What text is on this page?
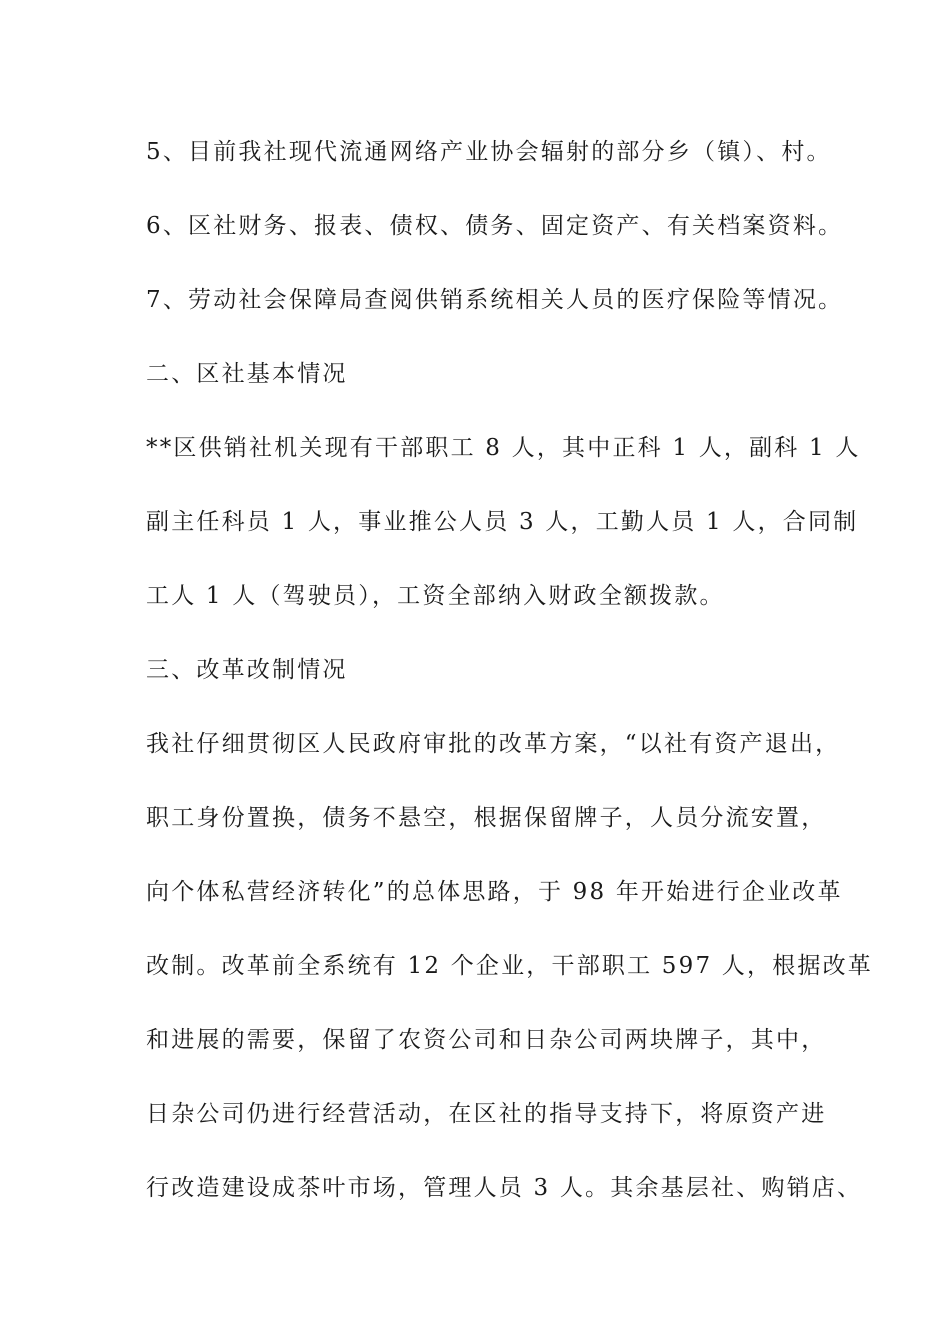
5、目前我社现代流通网络产业协会辐射的部分乡（镇）、村。
6、区社财务、报表、债权、债务、固定资产、有关档案资料。
7、劳动社会保障局查阅供销系统相关人员的医疗保险等情况。
二、区社基本情况
**区供销社机关现有干部职工 8 人，其中正科 1 人，副科 1 人
副主任科员 1 人，事业推公人员 3 人，工勤人员 1 人，合同制
工人 1 人（驾驶员），工资全部纳入财政全额拨款。
三、改革改制情况
我社仔细贯彻区人民政府审批的改革方案，“以社有资产退出，
职工身份置换，债务不悬空，根据保留牌子，人员分流安置，
向个体私营经济转化”的总体思路，于 98 年开始进行企业改革
改制。改革前全系统有 12 个企业，干部职工 597 人，根据改革
和进展的需要，保留了农资公司和日杂公司两块牌子，其中，
日杂公司仍进行经营活动，在区社的指导支持下，将原资产进
行改造建设成茶叶市场，管理人员 3 人。其余基层社、购销店、
